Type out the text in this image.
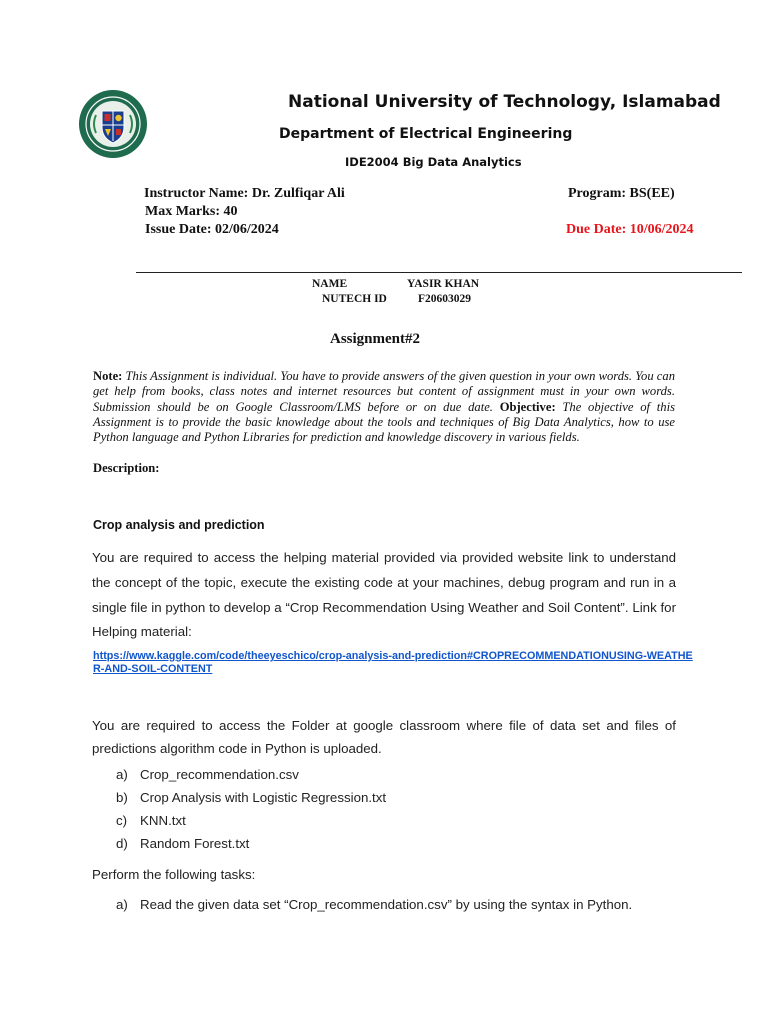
National University of Technology, Islamabad
Department of Electrical Engineering
IDE2004 Big Data Analytics
Instructor Name: Dr. Zulfiqar Ali
Max Marks: 40
Issue Date: 02/06/2024
Program: BS(EE)
Due Date: 10/06/2024
NAME	YASIR KHAN
NUTECH ID	F20603029
Assignment#2
Note: This Assignment is individual. You have to provide answers of the given question in your own words. You can get help from books, class notes and internet resources but content of assignment must in your own words. Submission should be on Google Classroom/LMS before or on due date. Objective: The objective of this Assignment is to provide the basic knowledge about the tools and techniques of Big Data Analytics, how to use Python language and Python Libraries for prediction and knowledge discovery in various fields.
Description:
Crop analysis and prediction
You are required to access the helping material provided via provided website link to understand the concept of the topic, execute the existing code at your machines, debug program and run in a single file in python to develop a “Crop Recommendation Using Weather and Soil Content”. Link for Helping material:
https://www.kaggle.com/code/theeyeschico/crop-analysis-and-prediction#CROPRECOMMENDATIONUSING-WEATHER-AND-SOIL-CONTENT
You are required to access the Folder at google classroom where file of data set and files of predictions algorithm code in Python is uploaded.
a) Crop_recommendation.csv
b) Crop Analysis with Logistic Regression.txt
c) KNN.txt
d) Random Forest.txt
Perform the following tasks:
a) Read the given data set “Crop_recommendation.csv” by using the syntax in Python.
